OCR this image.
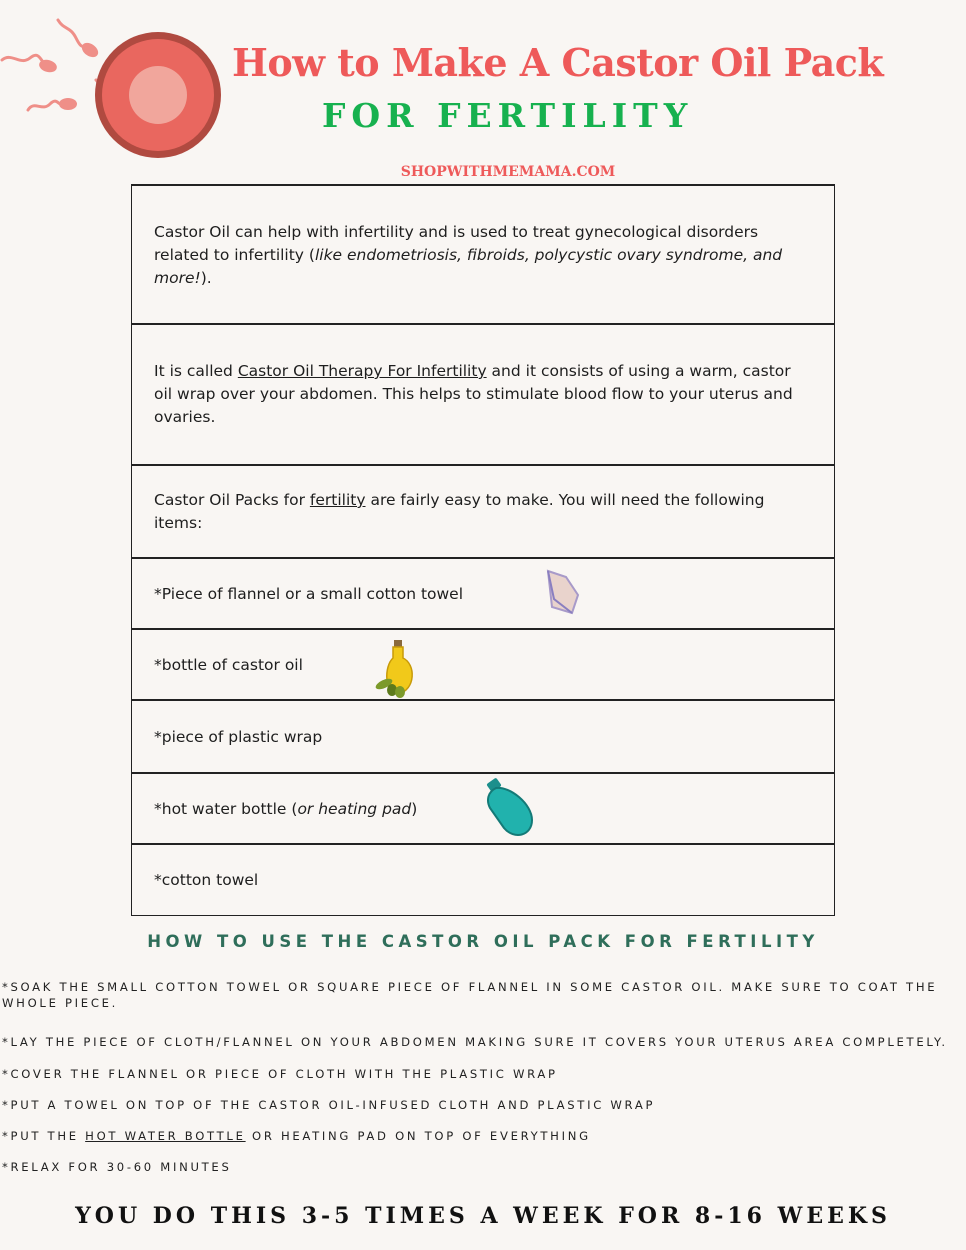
How to Make A Castor Oil Pack
FOR FERTILITY
SHOPWITHMEMAMA.COM
Castor Oil can help with infertility and is used to treat gynecological disorders related to infertility (like endometriosis, fibroids, polycystic ovary syndrome, and more!).
It is called Castor Oil Therapy For Infertility and it consists of using a warm, castor oil wrap over your abdomen. This helps to stimulate blood flow to your uterus and ovaries.
Castor Oil Packs for fertility are fairly easy to make. You will need the following items:
*Piece of flannel or a small cotton towel
*bottle of castor oil
*piece of plastic wrap
*hot water bottle (or heating pad)
*cotton towel
HOW TO USE THE CASTOR OIL PACK FOR FERTILITY
*SOAK THE SMALL COTTON TOWEL OR SQUARE PIECE OF FLANNEL IN SOME CASTOR OIL. MAKE SURE TO COAT THE WHOLE PIECE.
*LAY THE PIECE OF CLOTH/FLANNEL ON YOUR ABDOMEN MAKING SURE IT COVERS YOUR UTERUS AREA COMPLETELY.
*COVER THE FLANNEL OR PIECE OF CLOTH WITH THE PLASTIC WRAP
*PUT A TOWEL ON TOP OF THE CASTOR OIL-INFUSED CLOTH AND PLASTIC WRAP
*PUT THE HOT WATER BOTTLE OR HEATING PAD ON TOP OF EVERYTHING
*RELAX FOR 30-60 MINUTES
YOU DO THIS 3-5 TIMES A WEEK FOR 8-16 WEEKS
